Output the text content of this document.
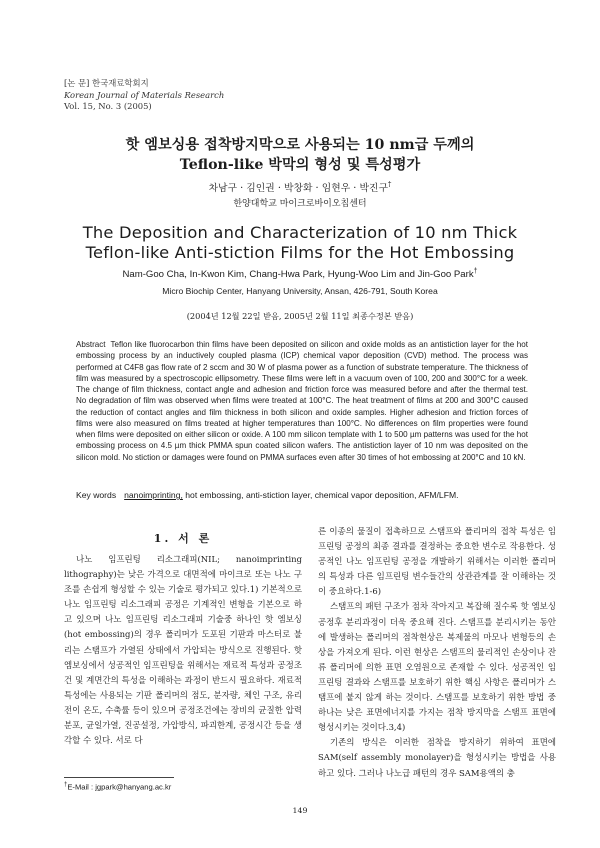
[논 문] 한국재료학회지
Korean Journal of Materials Research
Vol. 15, No. 3 (2005)
핫 엠보싱용 접착방지막으로 사용되는 10 nm급 두께의
Teflon-like 박막의 형성 및 특성평가
차남구 · 김인권 · 박창화 · 임현우 · 박진구†
한양대학교 마이크로바이오칩센터
The Deposition and Characterization of 10 nm Thick
Teflon-like Anti-stiction Films for the Hot Embossing
Nam-Goo Cha, In-Kwon Kim, Chang-Hwa Park, Hyung-Woo Lim and Jin-Goo Park†
Micro Biochip Center, Hanyang University, Ansan, 426-791, South Korea
(2004년 12월 22일 받음, 2005년 2월 11일 최종수정본 받음)
Abstract Teflon like fluorocarbon thin films have been deposited on silicon and oxide molds as an antistiction layer for the hot embossing process by an inductively coupled plasma (ICP) chemical vapor deposition (CVD) method. The process was performed at C4F8 gas flow rate of 2 sccm and 30 W of plasma power as a function of substrate temperature. The thickness of film was measured by a spectroscopic ellipsometry. These films were left in a vacuum oven of 100, 200 and 300°C for a week. The change of film thickness, contact angle and adhesion and friction force was measured before and after the thermal test. No degradation of film was observed when films were treated at 100°C. The heat treatment of films at 200 and 300°C caused the reduction of contact angles and film thickness in both silicon and oxide samples. Higher adhesion and friction forces of films were also measured on films treated at higher temperatures than 100°C. No differences on film properties were found when films were deposited on either silicon or oxide. A 100 mm silicon template with 1 to 500 µm patterns was used for the hot embossing process on 4.5 µm thick PMMA spun coated silicon wafers. The antistiction layer of 10 nm was deposited on the silicon mold. No stiction or damages were found on PMMA surfaces even after 30 times of hot embossing at 200°C and 10 kN.
Key words nanoimprinting, hot embossing, anti-stiction layer, chemical vapor deposition, AFM/LFM.
1. 서 론

나노 임프린팅 리소그래피(NIL; nanoimprinting lithography)는 낮은 가격으로 대면적에 마이크로 또는 나노 구조를 손쉽게 형성할 수 있는 기술로 평가되고 있다.1) 기본적으로 나노 임프린팅 리소그래피 공정은 기계적인 변형을 기본으로 하고 있으며 나노 임프린팅 리소그래피 기술중 하나인 핫 엠보싱(hot embossing)의 경우 폴리머가 도포된 기판과 마스터로 불리는 스탬프가 가열된 상태에서 가압되는 방식으로 진행된다. 핫 엠보싱에서 성공적인 임프린팅을 위해서는 재료적 특성과 공정조건 및 계면간의 특성을 이해하는 과정이 반드시 필요하다. 재료적 특성에는 사용되는 기판 폴리머의 점도, 분자량, 체인 구조, 유리 전이 온도, 수축률 등이 있으며 공정조건에는 장비의 균질한 압력분포, 균일가열, 진공설정, 가압방식, 파괴한계, 공정시간 등을 생각할 수 있다. 서로 다

른 이종의 물질이 접촉하므로 스탬프와 폴리머의 접착 특성은 임프린팅 공정의 최종 결과를 결정하는 중요한 변수로 작용한다. 성공적인 나노 임프린팅 공정을 개발하기 위해서는 이러한 폴리머의 특성과 다른 임프린팅 변수들간의 상관관계를 잘 이해하는 것이 중요하다.1-6)

스탬프의 패턴 구조가 점차 작아지고 복잡해 질수록 핫 엠보싱 공정후 분리과정이 더욱 중요해 진다. 스탬프를 분리시키는 동안에 발생하는 폴리머의 점착현상은 복제물의 마모나 변형등의 손상을 가져오게 된다. 이런 현상은 스탬프의 물리적인 손상이나 잔류 폴리머에 의한 표면 오염원으로 존재할 수 있다. 성공적인 임프린팅 결과와 스탬프를 보호하기 위한 핵심 사항은 폴리머가 스탬프에 붙지 않게 하는 것이다. 스탬프를 보호하기 위한 방법 중 하나는 낮은 표면에너지를 가지는 점착 방지막을 스탬프 표면에 형성시키는 것이다.3,4)

기존의 방식은 이러한 점착을 방지하기 위하여 표면에 SAM(self assembly monolayer)을 형성시키는 방법을 사용하고 있다. 그러나 나노급 패턴의 경우 SAM용액의 충

†E-Mail : jgpark@hanyang.ac.kr
149
